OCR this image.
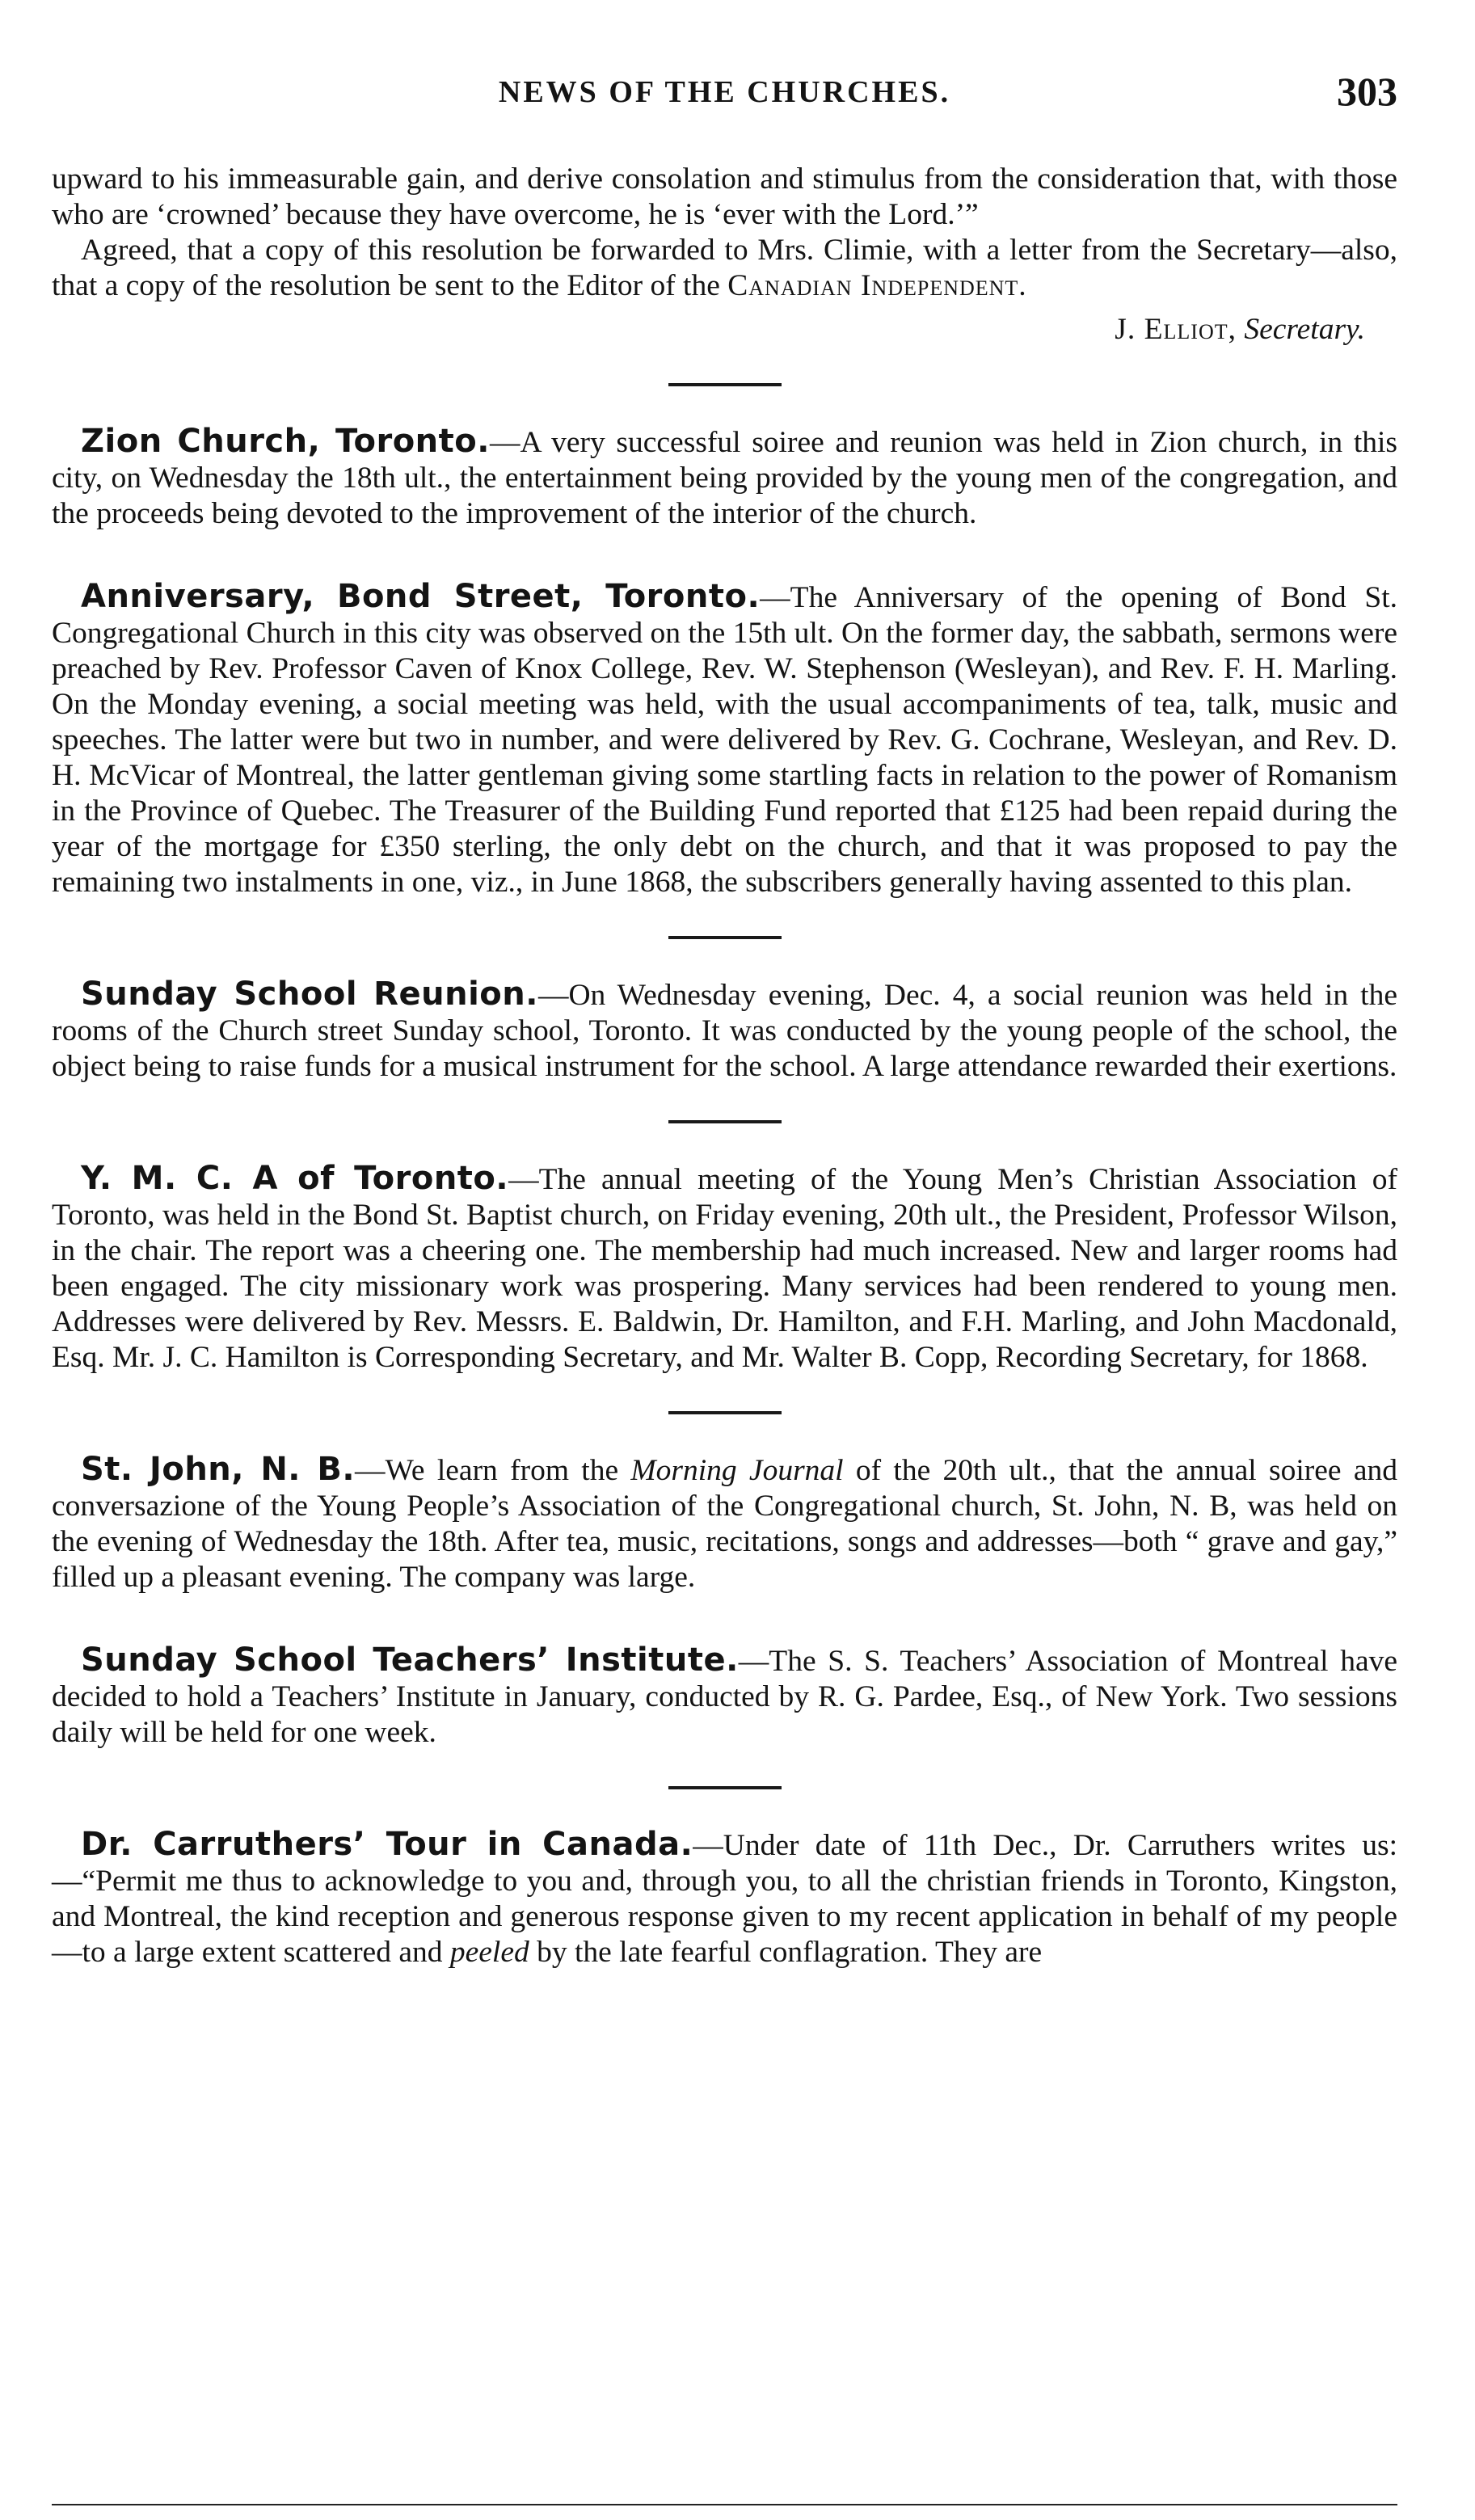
NEWS OF THE CHURCHES.	303

upward to his immeasurable gain, and derive consolation and stimulus from the consideration that, with those who are ‘crowned’ because they have overcome, he is ‘ever with the Lord.’”

Agreed, that a copy of this resolution be forwarded to Mrs. Climie, with a letter from the Secretary—also, that a copy of the resolution be sent to the Editor of the Canadian Independent.

J. Elliot, Secretary.

Zion Church, Toronto.—A very successful soiree and reunion was held in Zion church, in this city, on Wednesday the 18th ult., the entertainment being provided by the young men of the congregation, and the proceeds being devoted to the improvement of the interior of the church.

Anniversary, Bond Street, Toronto.—The Anniversary of the opening of Bond St. Congregational Church in this city was observed on the 15th ult. On the former day, the sabbath, sermons were preached by Rev. Professor Caven of Knox College, Rev. W. Stephenson (Wesleyan), and Rev. F. H. Marling. On the Monday evening, a social meeting was held, with the usual accompaniments of tea, talk, music and speeches. The latter were but two in number, and were delivered by Rev. G. Cochrane, Wesleyan, and Rev. D. H. McVicar of Montreal, the latter gentleman giving some startling facts in relation to the power of Romanism in the Province of Quebec. The Treasurer of the Building Fund reported that £125 had been repaid during the year of the mortgage for £350 sterling, the only debt on the church, and that it was proposed to pay the remaining two instalments in one, viz., in June 1868, the subscribers generally having assented to this plan.

Sunday School Reunion.—On Wednesday evening, Dec. 4, a social reunion was held in the rooms of the Church street Sunday school, Toronto. It was conducted by the young people of the school, the object being to raise funds for a musical instrument for the school. A large attendance rewarded their exertions.

Y. M. C. A of Toronto.—The annual meeting of the Young Men’s Christian Association of Toronto, was held in the Bond St. Baptist church, on Friday evening, 20th ult., the President, Professor Wilson, in the chair. The report was a cheering one. The membership had much increased. New and larger rooms had been engaged. The city missionary work was prospering. Many services had been rendered to young men. Addresses were delivered by Rev. Messrs. E. Baldwin, Dr. Hamilton, and F.H. Marling, and John Macdonald, Esq. Mr. J. C. Hamilton is Corresponding Secretary, and Mr. Walter B. Copp, Recording Secretary, for 1868.

St. John, N. B.—We learn from the Morning Journal of the 20th ult., that the annual soiree and conversazione of the Young People’s Association of the Congregational church, St. John, N. B, was held on the evening of Wednesday the 18th. After tea, music, recitations, songs and addresses—both “ grave and gay,” filled up a pleasant evening. The company was large.

Sunday School Teachers’ Institute.—The S. S. Teachers’ Association of Montreal have decided to hold a Teachers’ Institute in January, conducted by R. G. Pardee, Esq., of New York. Two sessions daily will be held for one week.

Dr. Carruthers’ Tour in Canada.—Under date of 11th Dec., Dr. Carruthers writes us:—“Permit me thus to acknowledge to you and, through you, to all the christian friends in Toronto, Kingston, and Montreal, the kind reception and generous response given to my recent application in behalf of my people—to a large extent scattered and peeled by the late fearful conflagration. They are
